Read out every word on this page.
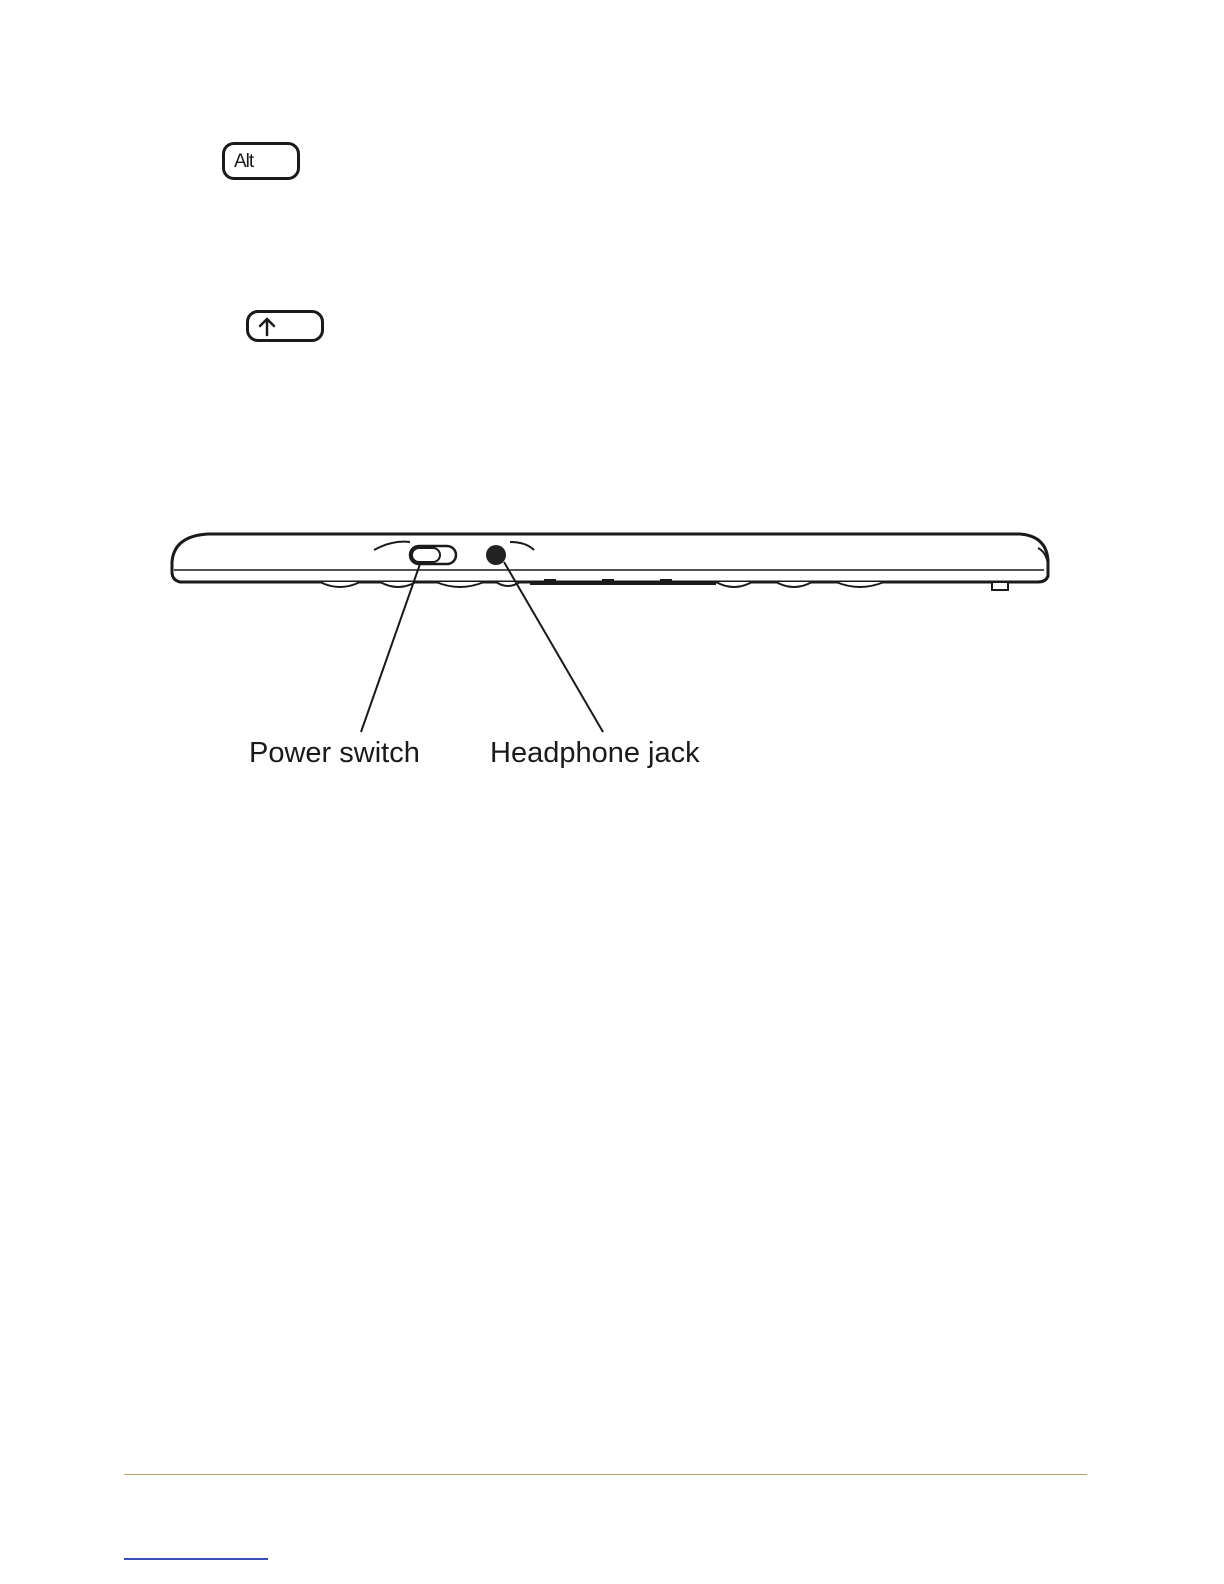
Alt
Power switch Headphone jack
